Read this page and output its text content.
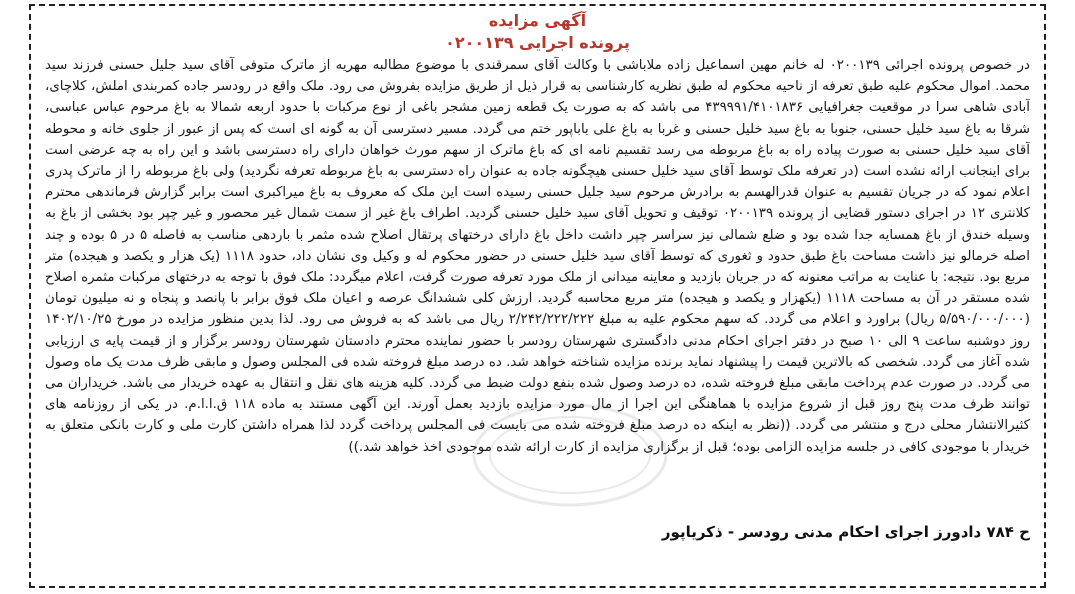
آگهی مزایده
پرونده اجرایی ۰۲۰۰۱۳۹

در خصوص پرونده اجرائی ۰۲۰۰۱۳۹ له خانم مهین اسماعیل زاده ملاباشی با وکالت آقای سمرقندی با موضوع مطالبه مهریه از ماترک متوفی آقای سید جلیل حسنی فرزند سید محمد. اموال محکوم علیه طبق تعرفه از ناحیه محکوم له طبق نظریه کارشناسی به قرار ذیل از طریق مزایده بفروش می رود. ملک واقع در رودسر جاده کمربندی املش، کلاچای، آبادی شاهی سرا در موقعیت جغرافیایی ۴۳۹۹۹۱/۴۱۰۱۸۳۶ می باشد که به صورت یک قطعه زمین مشجر باغی از نوع مرکبات با حدود اربعه شمالا به باغ مرحوم عباس عباسی، شرقا به باغ سید خلیل حسنی، جنوبا به باغ سید خلیل حسنی و غربا به باغ علی باباپور ختم می گردد. مسیر دسترسی آن به گونه ای است که پس از عبور از جلوی خانه و محوطه آقای سید خلیل حسنی به صورت پیاده راه به باغ مربوطه می رسد تقسیم نامه ای که باغ ماترک از سهم مورث خواهان دارای راه دسترسی باشد و این راه به چه عرضی است برای اینجانب ارائه نشده است (در تعرفه ملک توسط آقای سید خلیل حسنی هیچگونه جاده به عنوان راه دسترسی به باغ مربوطه تعرفه نگردید) ولی باغ مربوطه را از ماترک پدری اعلام نمود که در جریان تقسیم به عنوان قدرالهسم به برادرش مرحوم سید جلیل حسنی رسیده است این ملک که معروف به باغ میراکبری است برابر گزارش فرماندهی محترم کلانتری ۱۲ در اجرای دستور قضایی از پرونده ۰۲۰۰۱۳۹ توقیف و تحویل آقای سید خلیل حسنی گردید. اطراف باغ غیر از سمت شمال غیر محصور و غیر چپر بود بخشی از باغ به وسیله خندق از باغ همسایه جدا شده بود و ضلع شمالی نیز سراسر چپر داشت داخل باغ دارای درختهای پرتقال اصلاح شده مثمر با باردهی مناسب به فاصله ۵ در ۵ بوده و چند اصله خرمالو نیز داشت مساحت باغ طبق حدود و ثغوری که توسط آقای سید خلیل حسنی در حضور محکوم له و وکیل وی نشان داد، حدود ۱۱۱۸ (یک هزار و یکصد و هیجده) متر مربع بود. نتیجه: با عنایت به مراتب معنونه که در جریان بازدید و معاینه میدانی از ملک مورد تعرفه صورت گرفت، اعلام میگردد: ملک فوق با توجه به درختهای مرکبات مثمره اصلاح شده مستقر در آن به مساحت ۱۱۱۸ (یکهزار و یکصد و هیجده) متر مربع محاسبه گردید. ارزش کلی ششدانگ عرصه و اعیان ملک فوق برابر با پانصد و پنجاه و نه میلیون تومان (۵/۵۹۰/۰۰۰/۰۰۰ ریال) براورد و اعلام می گردد. که سهم محکوم علیه به مبلغ ۲/۲۴۲/۲۲۲/۲۲۲ ریال می باشد که به فروش می رود. لذا بدین منظور مزایده در مورخ ۱۴۰۲/۱۰/۲۵ روز دوشنبه ساعت ۹ الی ۱۰ صبح در دفتر اجرای احکام مدنی دادگستری شهرستان رودسر با حضور نماینده محترم دادستان شهرستان رودسر برگزار و از قیمت پایه ی ارزیابی شده آغاز می گردد. شخصی که بالاترین قیمت را پیشنهاد نماید برنده مزایده شناخته خواهد شد. ده درصد مبلغ فروخته شده فی المجلس وصول و مابقی ظرف مدت یک ماه وصول می گردد. در صورت عدم پرداخت مابقی مبلغ فروخته شده، ده درصد وصول شده بنفع دولت ضبط می گردد. کلیه هزینه های نقل و انتقال به عهده خریدار می باشد. خریداران می توانند ظرف مدت پنج روز قبل از شروع مزایده با هماهنگی این اجرا از مال مورد مزایده بازدید بعمل آورند. این آگهی مستند به ماده ۱۱۸ ق.ا.ا.م. در یکی از روزنامه های کثیرالانتشار محلی درج و منتشر می گردد. ((نظر به اینکه ده درصد مبلغ فروخته شده می بایست فی المجلس پرداخت گردد لذا همراه داشتن کارت ملی و کارت بانکی متعلق به خریدار با موجودی کافی در جلسه مزایده الزامی بوده؛ قبل از برگزاری مزایده از کارت ارائه شده موجودی اخذ خواهد شد.))

ح ۷۸۴ دادورز اجرای احکام مدنی رودسر - ذکریاپور
